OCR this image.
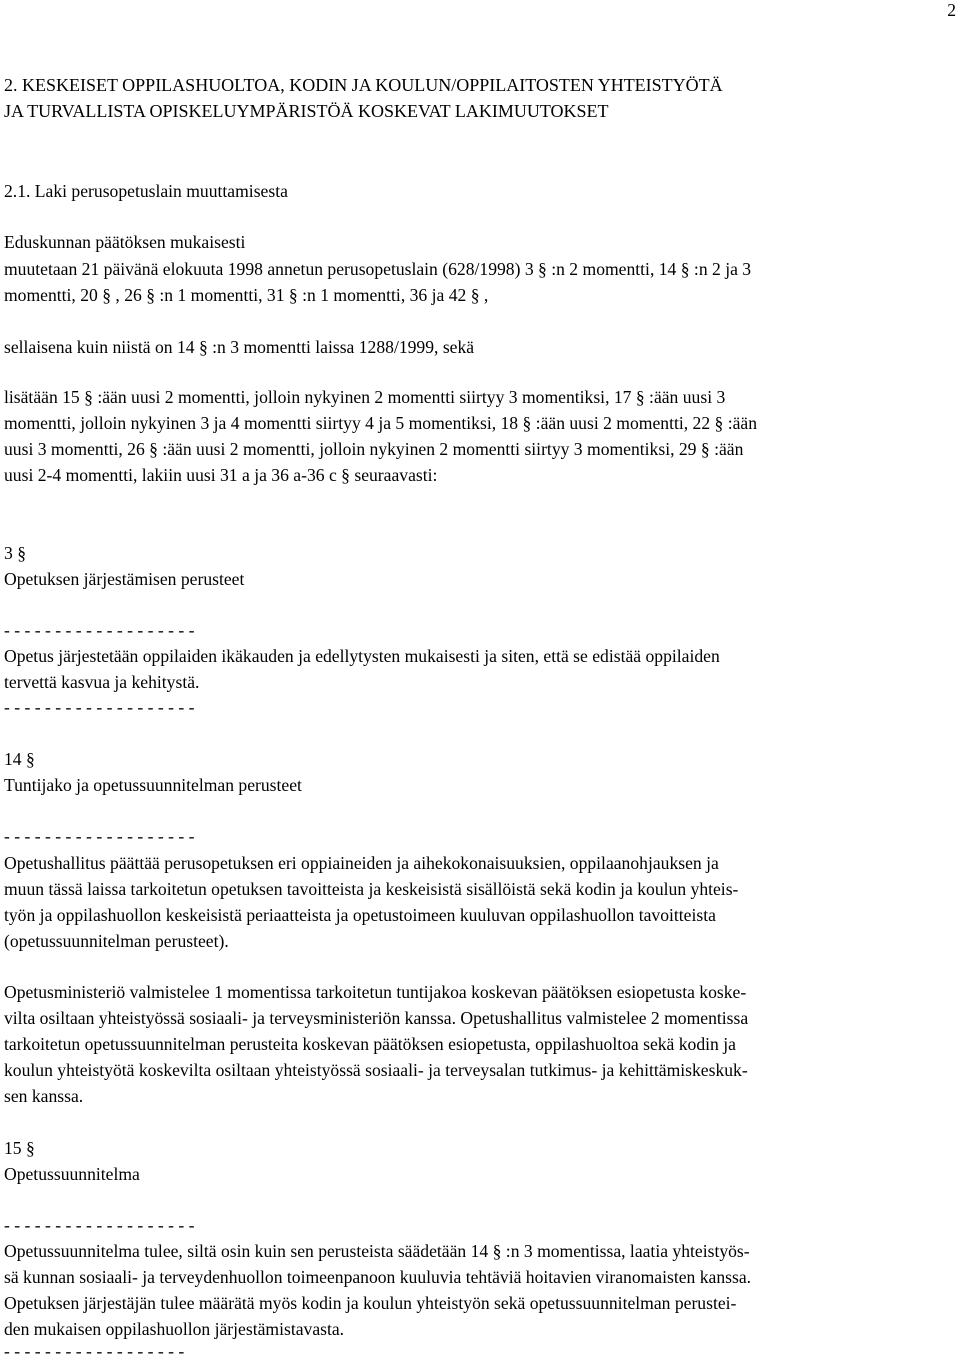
2

2. KESKEISET OPPILASHUOLTOA, KODIN JA KOULUN/OPPILAITOSTEN YHTEISTYÖTÄ

JA TURVALLISTA OPISKELUYMPÄRISTÖÄ KOSKEVAT LAKIMUUTOKSET

2.1. Laki perusopetuslain muuttamisesta

Eduskunnan päätöksen mukaisesti

muutetaan 21 päivänä elokuuta 1998 annetun perusopetuslain (628/1998) 3 § :n 2 momentti, 14 § :n 2 ja 3

momentti, 20 § , 26 § :n 1 momentti, 31 § :n 1 momentti, 36 ja 42 § ,

sellaisena kuin niistä on 14 § :n 3 momentti laissa 1288/1999, sekä

lisätään 15 § :ään uusi 2 momentti, jolloin nykyinen 2 momentti siirtyy 3 momentiksi, 17 § :ään uusi 3

momentti, jolloin nykyinen 3 ja 4 momentti siirtyy 4 ja 5 momentiksi, 18 § :ään uusi 2 momentti, 22 § :ään

uusi 3 momentti, 26 § :ään uusi 2 momentti, jolloin nykyinen 2 momentti siirtyy 3 momentiksi, 29 § :ään

uusi 2-4 momentti, lakiin uusi 31 a ja 36 a-36 c § seuraavasti:

3 §

Opetuksen järjestämisen perusteet

- - - - - - - - - - - - - - - - - - -

Opetus järjestetään oppilaiden ikäkauden ja edellytysten mukaisesti ja siten, että se edistää oppilaiden

tervettä kasvua ja kehitystä.

- - - - - - - - - - - - - - - - - - -

14 §

Tuntijako ja opetussuunnitelman perusteet

- - - - - - - - - - - - - - - - - - -

Opetushallitus päättää perusopetuksen eri oppiaineiden ja aihekokonaisuuksien, oppilaanohjauksen ja

muun tässä laissa tarkoitetun opetuksen tavoitteista ja keskeisistä sisällöistä sekä kodin ja koulun yhteis-

työn ja oppilashuollon keskeisistä periaatteista ja opetustoimeen kuuluvan oppilashuollon tavoitteista

(opetussuunnitelman perusteet).

Opetusministeriö valmistelee 1 momentissa tarkoitetun tuntijakoa koskevan päätöksen esiopetusta koske-

vilta osiltaan yhteistyössä sosiaali- ja terveysministeriön kanssa. Opetushallitus valmistelee 2 momentissa

tarkoitetun opetussuunnitelman perusteita koskevan päätöksen esiopetusta, oppilashuoltoa sekä kodin ja

koulun yhteistyötä koskevilta osiltaan yhteistyössä sosiaali- ja terveysalan tutkimus- ja kehittämiskeskuk-

sen kanssa.

15 §

Opetussuunnitelma

- - - - - - - - - - - - - - - - - - -

Opetussuunnitelma tulee, siltä osin kuin sen perusteista säädetään 14 § :n 3 momentissa, laatia yhteistyös-

sä kunnan sosiaali- ja terveydenhuollon toimeenpanoon kuuluvia tehtäviä hoitavien viranomaisten kanssa.

Opetuksen järjestäjän tulee määrätä myös kodin ja koulun yhteistyön sekä opetussuunnitelman perustei-

den mukaisen oppilashuollon järjestämistavasta.

- - - - - - - - - - - - - - - - - -
